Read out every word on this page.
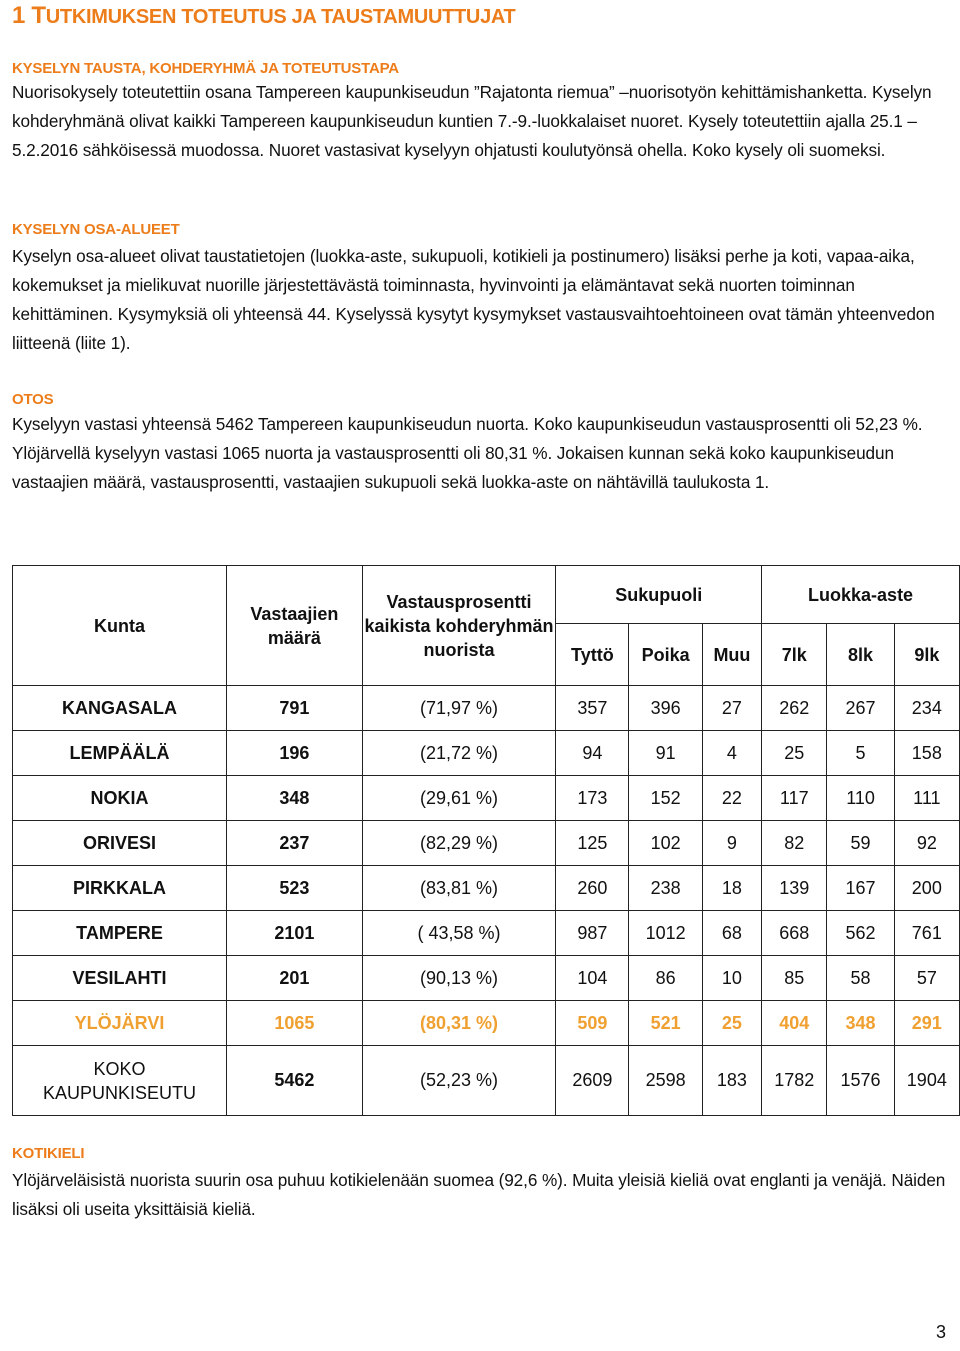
1 TUTKIMUKSEN TOTEUTUS JA TAUSTAMUUTTUJAT
KYSELYN TAUSTA, KOHDERYHMÄ JA TOTEUTUSTAPA

Nuorisokysely toteutettiin osana Tampereen kaupunkiseudun ”Rajatonta riemua” –nuorisotyön kehittämishanketta. Kyselyn kohderyhmänä olivat kaikki Tampereen kaupunkiseudun kuntien 7.-9.-luokkalaiset nuoret. Kysely toteutettiin ajalla 25.1 – 5.2.2016 sähköisessä muodossa. Nuoret vastasivat kyselyyn ohjatusti koulutyönsä ohella. Koko kysely oli suomeksi.

KYSELYN OSA-ALUEET

Kyselyn osa-alueet olivat taustatietojen (luokka-aste, sukupuoli, kotikieli ja postinumero) lisäksi perhe ja koti, vapaa-aika, kokemukset ja mielikuvat nuorille järjestettävästä toiminnasta, hyvinvointi ja elämäntavat sekä nuorten toiminnan kehittäminen. Kysymyksiä oli yhteensä 44. Kyselyssä kysytyt kysymykset vastausvaihtoehtoineen ovat tämän yhteenvedon liitteenä (liite 1).

OTOS

Kyselyyn vastasi yhteensä 5462 Tampereen kaupunkiseudun nuorta. Koko kaupunkiseudun vastausprosentti oli 52,23 %. Ylöjärvellä kyselyyn vastasi 1065 nuorta ja vastausprosentti oli 80,31 %. Jokaisen kunnan sekä koko kaupunkiseudun vastaajien määrä, vastausprosentti, vastaajien sukupuoli sekä luokka-aste on nähtävillä taulukosta 1.

Kunta	Vastaajien määrä	Vastausprosentti kaikista kohderyhmän nuorista	Sukupuoli			Luokka-aste		
			Tyttö	Poika	Muu	7lk	8lk	9lk
KANGASALA	791	(71,97 %)	357	396	27	262	267	234
LEMPÄÄLÄ	196	(21,72 %)	94	91	4	25	5	158
NOKIA	348	(29,61 %)	173	152	22	117	110	111
ORIVESI	237	(82,29 %)	125	102	9	82	59	92
PIRKKALA	523	(83,81 %)	260	238	18	139	167	200
TAMPERE	2101	( 43,58 %)	987	1012	68	668	562	761
VESILAHTI	201	(90,13 %)	104	86	10	85	58	57
YLÖJÄRVI	1065	(80,31 %)	509	521	25	404	348	291
KOKO KAUPUNKISEUTU	5462	(52,23 %)	2609	2598	183	1782	1576	1904
KOTIKIELI

Ylöjärveläisistä nuorista suurin osa puhuu kotikielenään suomea (92,6 %). Muita yleisiä kieliä ovat englanti ja venäjä. Näiden lisäksi oli useita yksittäisiä kieliä.

3
